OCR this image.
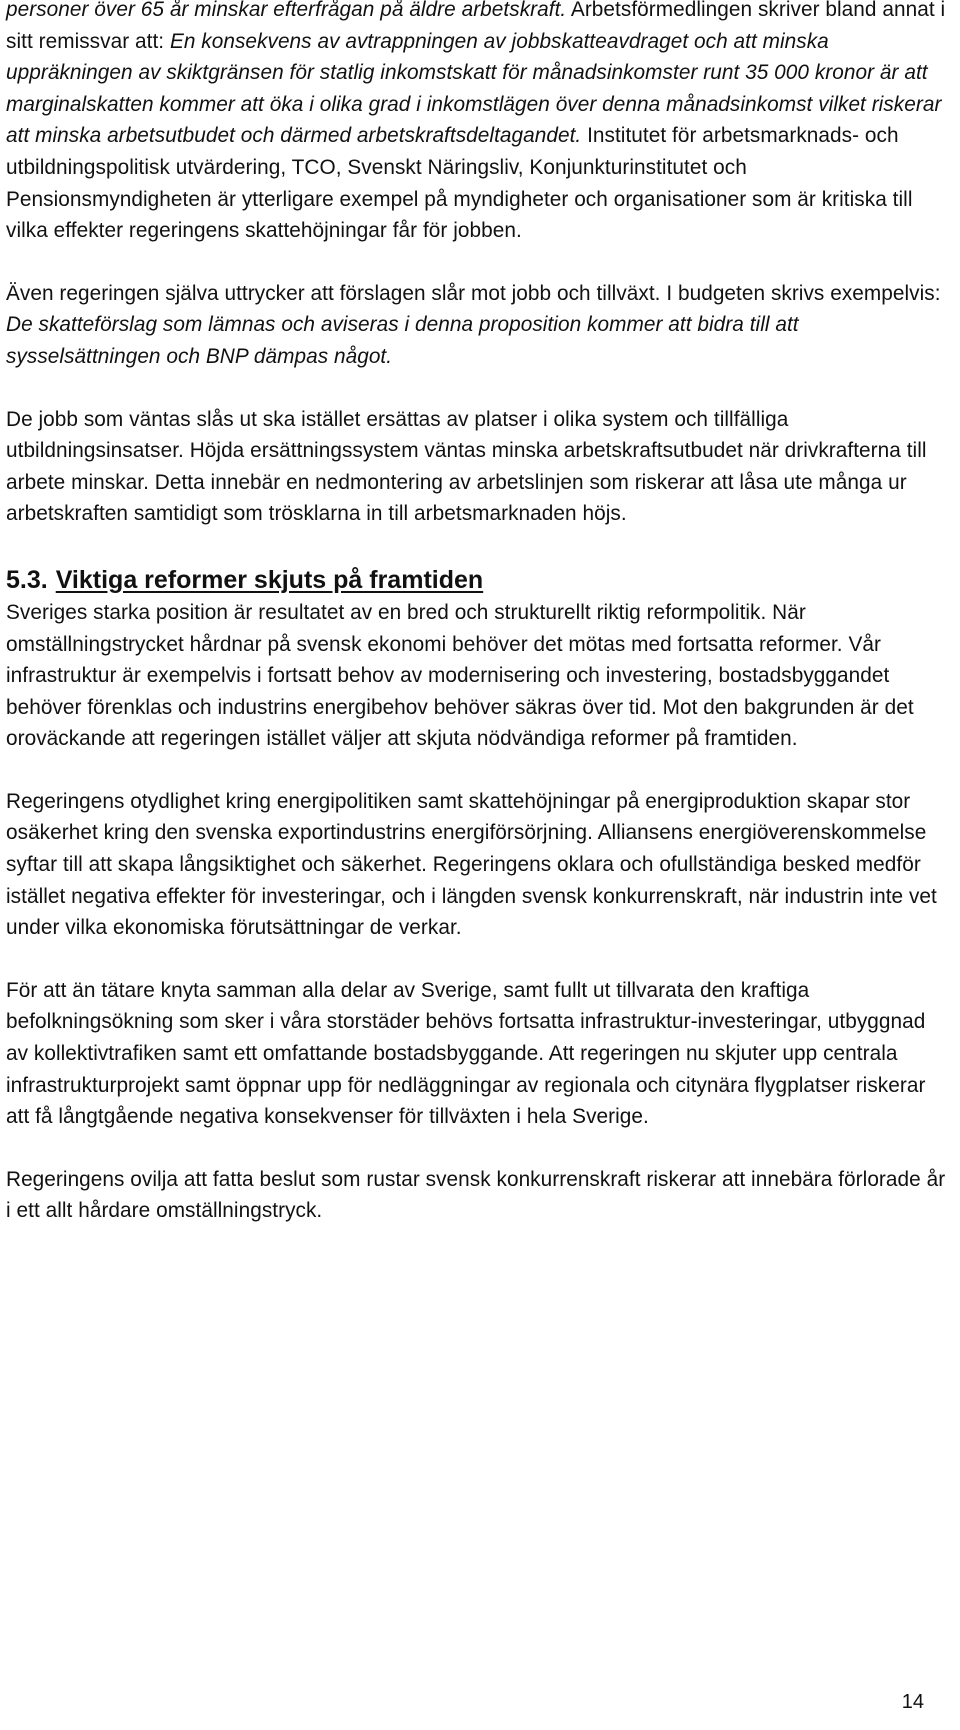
personer över 65 år minskar efterfrågan på äldre arbetskraft. Arbetsförmedlingen skriver bland annat i sitt remissvar att: En konsekvens av avtrappningen av jobbskatteavdraget och att minska uppräkningen av skiktgränsen för statlig inkomstskatt för månadsinkomster runt 35 000 kronor är att marginalskatten kommer att öka i olika grad i inkomstlägen över denna månadsinkomst vilket riskerar att minska arbetsutbudet och därmed arbetskraftsdeltagandet. Institutet för arbetsmarknads- och utbildningspolitisk utvärdering, TCO, Svenskt Näringsliv, Konjunkturinstitutet och Pensionsmyndigheten är ytterligare exempel på myndigheter och organisationer som är kritiska till vilka effekter regeringens skattehöjningar får för jobben.

Även regeringen själva uttrycker att förslagen slår mot jobb och tillväxt. I budgeten skrivs exempelvis: De skatteförslag som lämnas och aviseras i denna proposition kommer att bidra till att sysselsättningen och BNP dämpas något.

De jobb som väntas slås ut ska istället ersättas av platser i olika system och tillfälliga utbildningsinsatser. Höjda ersättningssystem väntas minska arbetskraftsutbudet när drivkrafterna till arbete minskar. Detta innebär en nedmontering av arbetslinjen som riskerar att låsa ute många ur arbetskraften samtidigt som trösklarna in till arbetsmarknaden höjs.

5.3. Viktiga reformer skjuts på framtiden

Sveriges starka position är resultatet av en bred och strukturellt riktig reformpolitik. När omställningstrycket hårdnar på svensk ekonomi behöver det mötas med fortsatta reformer. Vår infrastruktur är exempelvis i fortsatt behov av modernisering och investering, bostadsbyggandet behöver förenklas och industrins energibehov behöver säkras över tid. Mot den bakgrunden är det oroväckande att regeringen istället väljer att skjuta nödvändiga reformer på framtiden.

Regeringens otydlighet kring energipolitiken samt skattehöjningar på energiproduktion skapar stor osäkerhet kring den svenska exportindustrins energiförsörjning. Alliansens energiöverenskommelse syftar till att skapa långsiktighet och säkerhet. Regeringens oklara och ofullständiga besked medför istället negativa effekter för investeringar, och i längden svensk konkurrenskraft, när industrin inte vet under vilka ekonomiska förutsättningar de verkar.

För att än tätare knyta samman alla delar av Sverige, samt fullt ut tillvarata den kraftiga befolkningsökning som sker i våra storstäder behövs fortsatta infrastruktur-investeringar, utbyggnad av kollektivtrafiken samt ett omfattande bostadsbyggande. Att regeringen nu skjuter upp centrala infrastrukturprojekt samt öppnar upp för nedläggningar av regionala och citynära flygplatser riskerar att få långtgående negativa konsekvenser för tillväxten i hela Sverige.

Regeringens ovilja att fatta beslut som rustar svensk konkurrenskraft riskerar att innebära förlorade år i ett allt hårdare omställningstryck.

14
